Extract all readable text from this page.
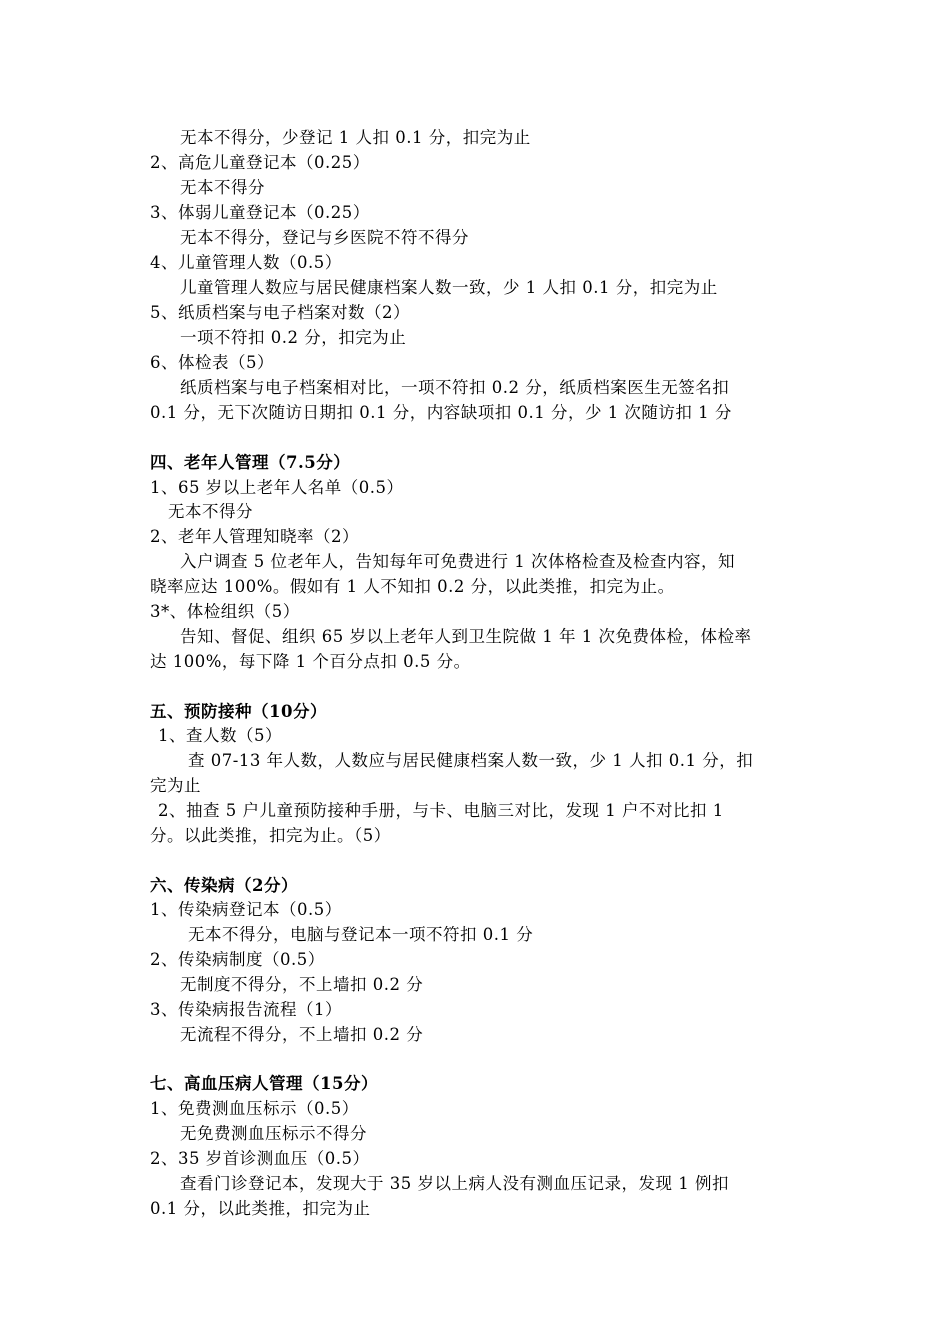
无本不得分，少登记 1 人扣 0.1 分，扣完为止
2、高危儿童登记本（0.25）
无本不得分
3、体弱儿童登记本（0.25）
无本不得分，登记与乡医院不符不得分
4、儿童管理人数（0.5）
儿童管理人数应与居民健康档案人数一致，少 1 人扣 0.1 分，扣完为止
5、纸质档案与电子档案对数（2）
一项不符扣 0.2 分，扣完为止
6、体检表（5）
纸质档案与电子档案相对比，一项不符扣 0.2 分，纸质档案医生无签名扣
0.1 分，无下次随访日期扣 0.1 分，内容缺项扣 0.1 分，少 1 次随访扣 1 分
四、老年人管理（7.5分）
1、65 岁以上老年人名单（0.5）
无本不得分
2、老年人管理知晓率（2）
入户调查 5 位老年人，告知每年可免费进行 1 次体格检查及检查内容，知
晓率应达 100%。假如有 1 人不知扣 0.2 分，以此类推，扣完为止。
3*、体检组织（5）
告知、督促、组织 65 岁以上老年人到卫生院做 1 年 1 次免费体检，体检率
达 100%，每下降 1 个百分点扣 0.5 分。
五、预防接种（10分）
1、查人数（5）
查 07-13 年人数，人数应与居民健康档案人数一致，少 1 人扣 0.1 分，扣
完为止
2、抽查 5 户儿童预防接种手册，与卡、电脑三对比，发现 1 户不对比扣 1
分。以此类推，扣完为止。（5）
六、传染病（2分）
1、传染病登记本（0.5）
无本不得分，电脑与登记本一项不符扣 0.1 分
2、传染病制度（0.5）
无制度不得分，不上墙扣 0.2 分
3、传染病报告流程（1）
无流程不得分，不上墙扣 0.2 分
七、高血压病人管理（15分）
1、免费测血压标示（0.5）
无免费测血压标示不得分
2、35 岁首诊测血压（0.5）
查看门诊登记本，发现大于 35 岁以上病人没有测血压记录，发现 1 例扣
0.1 分，以此类推，扣完为止
